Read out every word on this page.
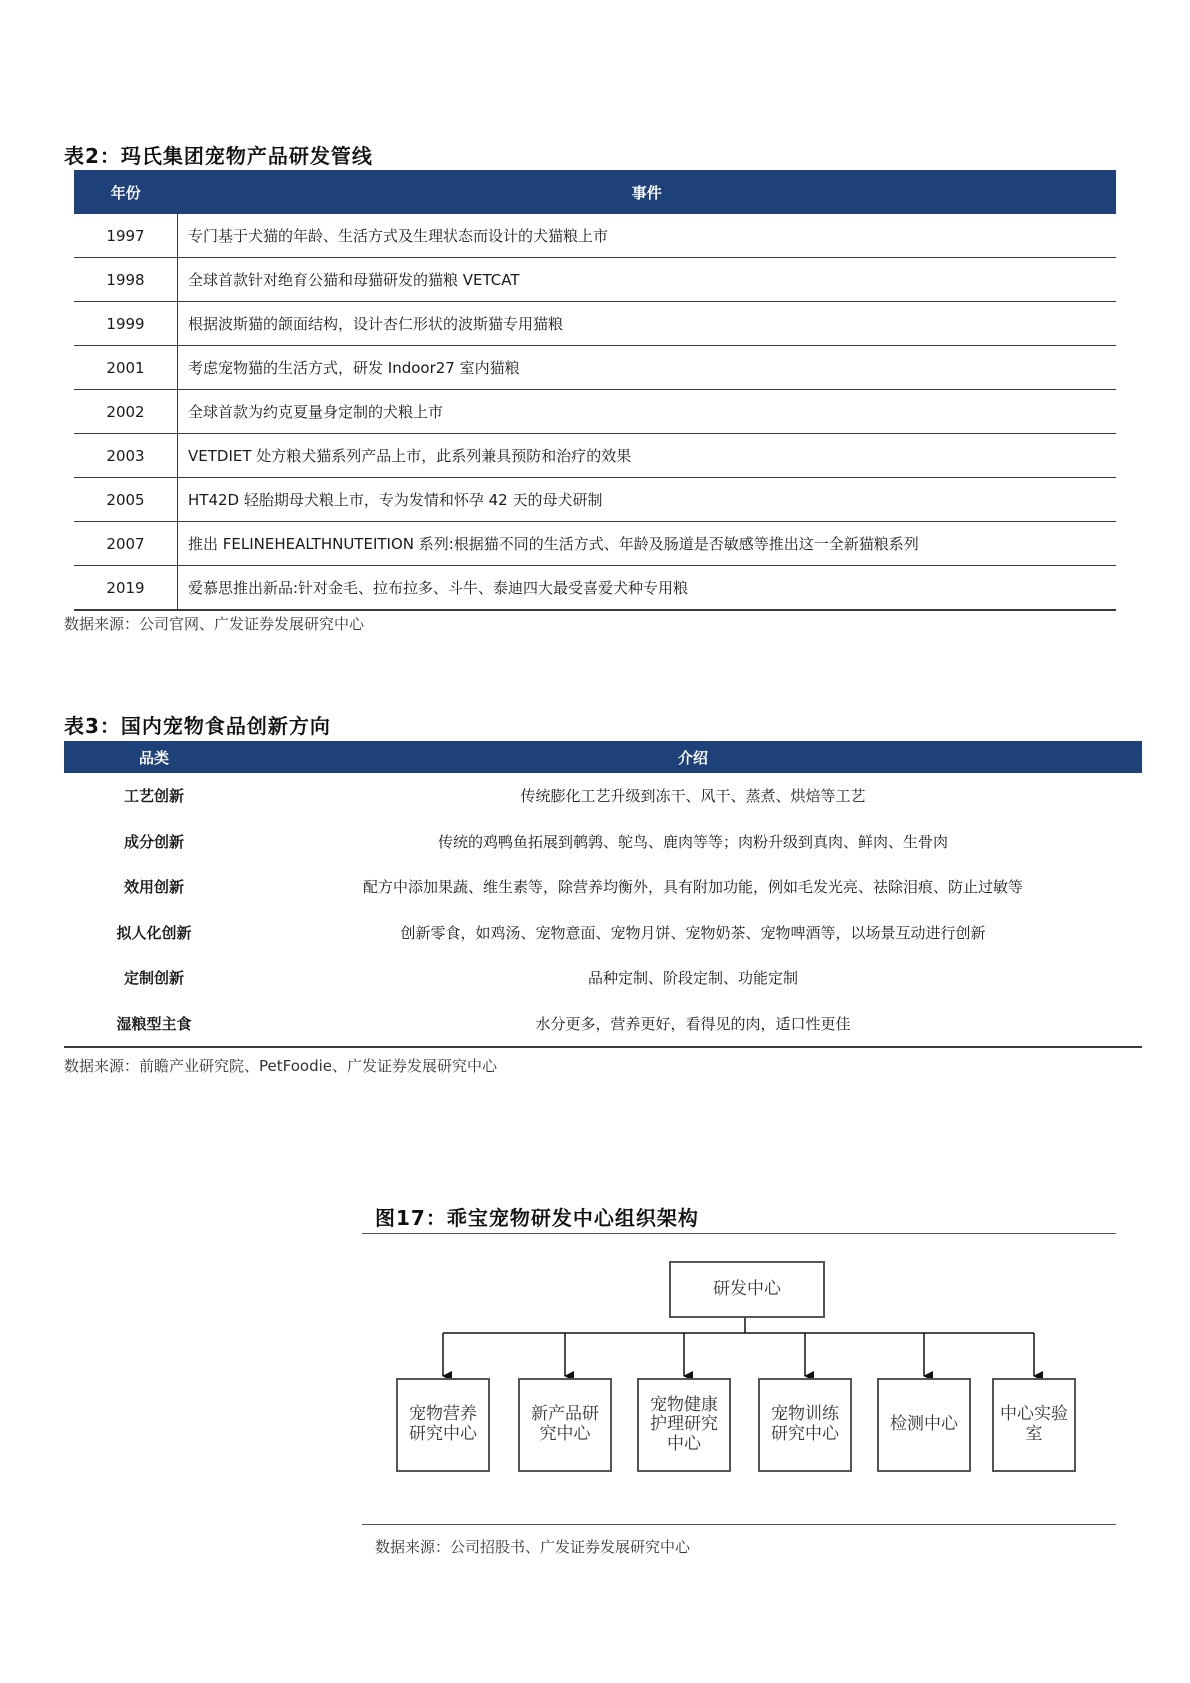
表2：玛氏集团宠物产品研发管线
年份	事件
1997	专门基于犬猫的年龄、生活方式及生理状态而设计的犬猫粮上市
1998	全球首款针对绝育公猫和母猫研发的猫粮 VETCAT
1999	根据波斯猫的颌面结构，设计杏仁形状的波斯猫专用猫粮
2001	考虑宠物猫的生活方式，研发 Indoor27 室内猫粮
2002	全球首款为约克夏量身定制的犬粮上市
2003	VETDIET 处方粮犬猫系列产品上市，此系列兼具预防和治疗的效果
2005	HT42D 轻胎期母犬粮上市，专为发情和怀孕 42 天的母犬研制
2007	推出 FELINEHEALTHNUTEITION 系列:根据猫不同的生活方式、年龄及肠道是否敏感等推出这一全新猫粮系列
2019	爱慕思推出新品:针对金毛、拉布拉多、斗牛、泰迪四大最受喜爱犬种专用粮
数据来源：公司官网、广发证券发展研究中心
表3：国内宠物食品创新方向
品类	介绍
工艺创新	传统膨化工艺升级到冻干、风干、蒸煮、烘焙等工艺
成分创新	传统的鸡鸭鱼拓展到鹌鹑、鸵鸟、鹿肉等等；肉粉升级到真肉、鲜肉、生骨肉
效用创新	配方中添加果蔬、维生素等，除营养均衡外，具有附加功能，例如毛发光亮、祛除泪痕、防止过敏等
拟人化创新	创新零食，如鸡汤、宠物意面、宠物月饼、宠物奶茶、宠物啤酒等，以场景互动进行创新
定制创新	品种定制、阶段定制、功能定制
湿粮型主食	水分更多，营养更好，看得见的肉，适口性更佳
数据来源：前瞻产业研究院、PetFoodie、广发证券发展研究中心
图17：乖宝宠物研发中心组织架构
研发中心
宠物营养研究中心
新产品研究中心
宠物健康护理研究中心
宠物训练研究中心	检测中心	中心实验室
数据来源：公司招股书、广发证券发展研究中心
